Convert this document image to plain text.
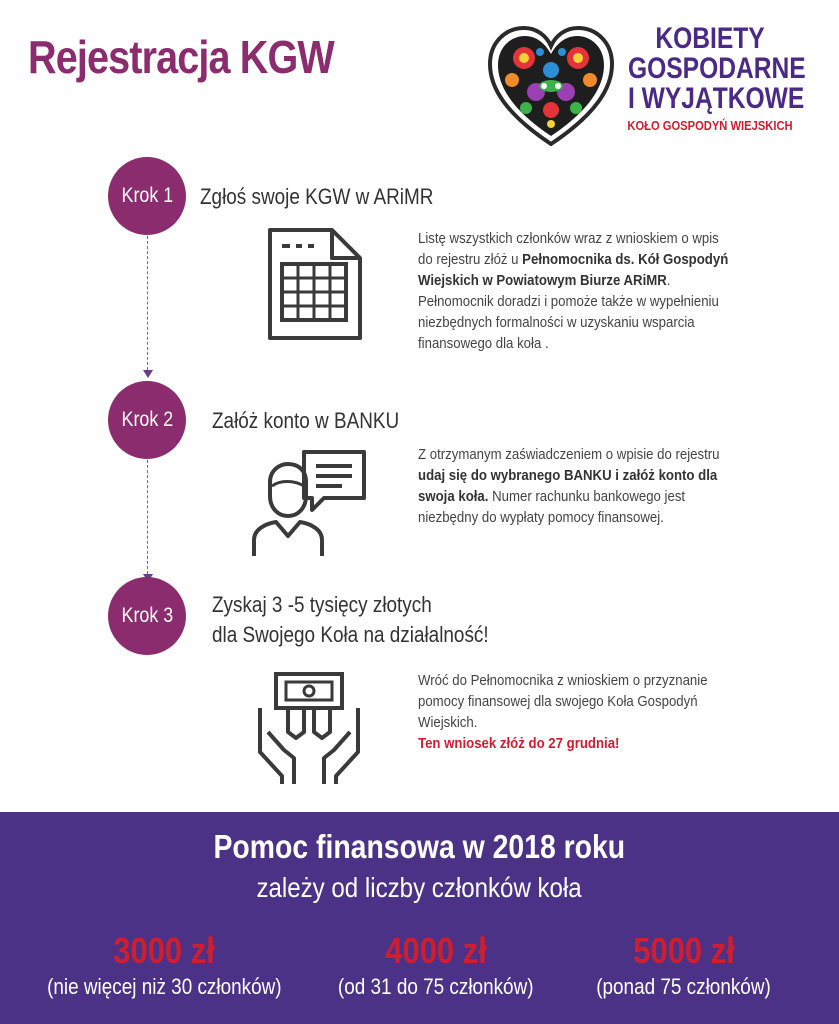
Rejestracja KGW	KOBIETY
GOSPODARNE
I WYJĄTKOWE
KOŁO GOSPODYŃ WIEJSKICH
Krok 1 Zgłoś swoje KGW w ARiMR

Listę wszystkich członków wraz z wnioskiem o wpis do rejestru złóż u Pełnomocnika ds. Kół Gospodyń Wiejskich w Powiatowym Biurze ARiMR. Pełnomocnik doradzi i pomoże także w wypełnieniu niezbędnych formalności w uzyskaniu wsparcia finansowego dla koła .

Krok 2 Załóż konto w BANKU

Z otrzymanym zaświadczeniem o wpisie do rejestru udaj się do wybranego BANKU i załóż konto dla swoja koła. Numer rachunku bankowego jest niezbędny do wypłaty pomocy finansowej.

Krok 3 Zyskaj 3 -5 tysięcy złotych
dla Swojego Koła na działalność!

Wróć do Pełnomocnika z wnioskiem o przyznanie pomocy finansowej dla swojego Koła Gospodyń Wiejskich.

Ten wniosek złóż do 27 grudnia!

Pomoc finansowa w 2018 roku
zależy od liczby członków koła
3000 zł
(nie więcej niż 30 członków)
4000 zł
(od 31 do 75 członków)
5000 zł
(ponad 75 członków)
